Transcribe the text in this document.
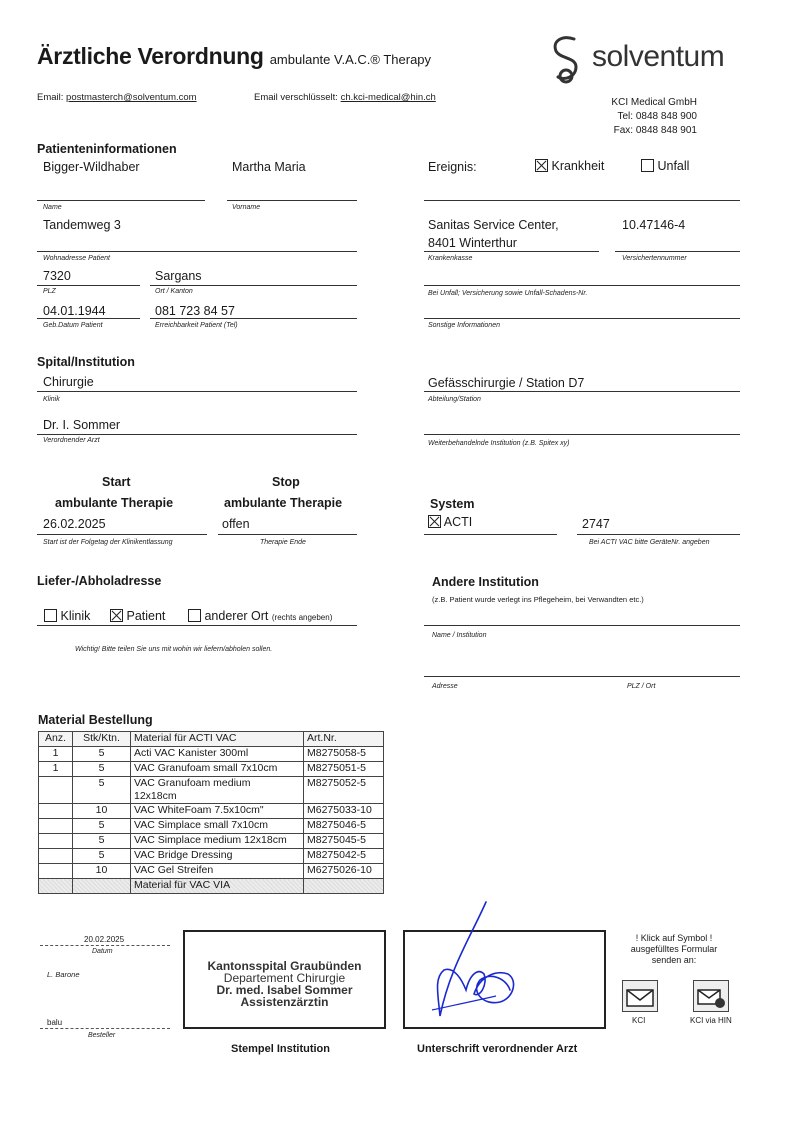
Ärztliche Verordnung ambulante V.A.C.® Therapy
Email: postmasterch@solventum.com	Email verschlüsselt: ch.kci-medical@hin.ch
solventum
KCI Medical GmbH
Tel: 0848 848 900
Fax: 0848 848 901
Patienteninformationen
Bigger-Wildhaber
Name
Martha Maria
Vorname
Tandemweg 3
Wohnadresse Patient
7320
PLZ
Sargans
Ort / Kanton
04.01.1944
Geb.Datum Patient
081 723 84 57
Erreichbarkeit Patient (Tel)
Ereignis:	Krankheit	Unfall
Sanitas Service Center,
8401 Winterthur
Krankenkasse
10.47146-4
Versichertennummer
Bei Unfall; Versicherung sowie Unfall-Schadens-Nr.
Sonstige Informationen
Spital/Institution
Chirurgie
Klinik
Gefässchirurgie / Station D7
Abteilung/Station
Dr. I. Sommer
Verordnender Arzt	Weiterbehandelnde Institution (z.B. Spitex xy)
Start
ambulante Therapie
Stop
ambulante Therapie
26.02.2025
Start ist der Folgetag der Klinikentlassung
offen
Therapie Ende
System
ACTI	2747
Bei ACTI VAC bitte GeräteNr. angeben
Liefer-/Abholadresse
Klinik	Patient	anderer Ort (rechts angeben)
Wichtig! Bitte teilen Sie uns mit wohin wir liefern/abholen sollen.
Andere Institution
(z.B. Patient wurde verlegt ins Pflegeheim, bei Verwandten etc.)
Name / Institution
Adresse	PLZ / Ort
Material Bestellung
Anz.	Stk/Ktn.	Material für ACTI VAC	Art.Nr.
1	5	Acti VAC Kanister 300ml	M8275058-5
1	5	VAC Granufoam small 7x10cm	M8275051-5
	5	VAC Granufoam medium
12x18cm	M8275052-5
	10	VAC WhiteFoam 7.5x10cm"	M6275033-10
	5	VAC Simplace small 7x10cm	M8275046-5
	5	VAC Simplace medium 12x18cm	M8275045-5
	5	VAC Bridge Dressing	M8275042-5
	10	VAC Gel Streifen	M6275026-10
		Material für VAC VIA	
20.02.2025
Datum
L. Barone
balu
Besteller
Kantonsspital Graubünden
Departement Chirurgie
Dr. med. Isabel Sommer
Assistenzärztin
Stempel Institution	Unterschrift verordnender Arzt
! Klick auf Symbol !
ausgefülltes Formular
senden an:
KCI	KCI via HIN
